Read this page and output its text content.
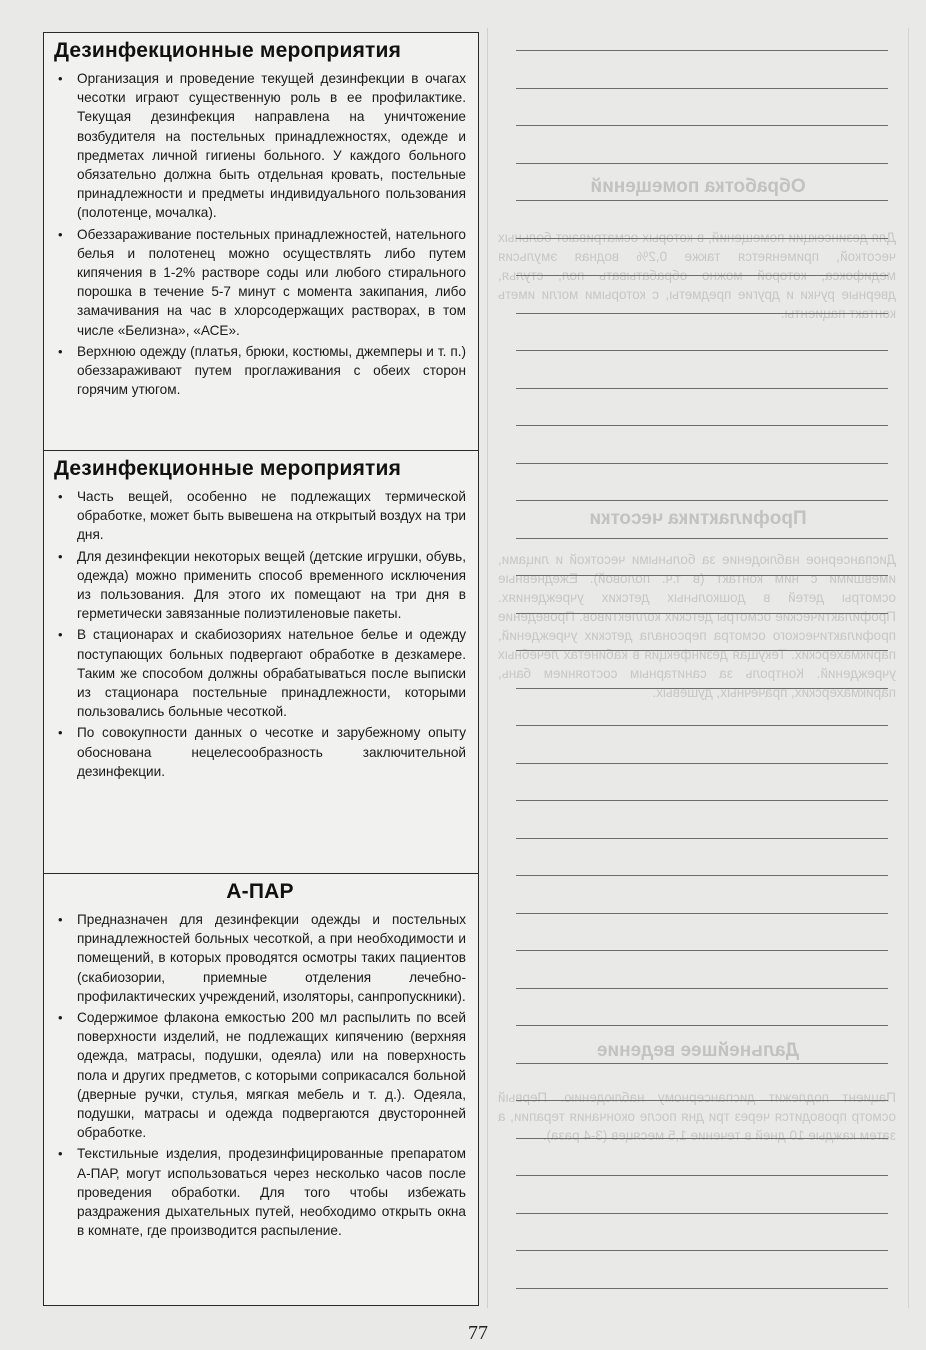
Обработка помещений
Для дезинсекции помещений, в которых осматривают больных чесоткой, применяется также 0,2% водная эмульсия медифокса, которой можно обрабатывать пол, стулья, дверные ручки и другие предметы, с которыми могли иметь контакт пациенты.
Профилактика чесотки
Диспансерное наблюдение за больными чесоткой и лицами, имевшими с ним контакт (в т.ч. половой). Ежедневные осмотры детей в дошкольных детских учреждениях. Профилактические осмотры детских коллективов. Проведение профилактического осмотра персонала детских учреждений, парикмахерских. Текущая дезинфекция в кабинетах лечебных учреждений. Контроль за санитарным состоянием бань, парикмахерских, прачечных, душевых.
Дальнейшее ведение
Пациент подлежит диспансерному наблюдению. Первый осмотр проводится через три дня после окончания терапии, а затем каждые 10 дней в течение 1,5 месяцев (3-4 раза).
Дезинфекционные мероприятия
• Организация и проведение текущей дезинфекции в очагах чесотки играют существенную роль в ее профилактике. Текущая дезинфекция направлена на уничтожение возбудителя на постельных принадлежностях, одежде и предметах личной гигиены больного. У каждого больного обязательно должна быть отдельная кровать, постельные принадлежности и предметы индивидуального пользования (полотенце, мочалка).
• Обеззараживание постельных принадлежностей, нательного белья и полотенец можно осуществлять либо путем кипячения в 1-2% растворе соды или любого стирального порошка в течение 5-7 минут с момента закипания, либо замачивания на час в хлорсодержащих растворах, в том числе «Белизна», «АСЕ».
• Верхнюю одежду (платья, брюки, костюмы, джемперы и т. п.) обеззараживают путем проглаживания с обеих сторон горячим утюгом.
Дезинфекционные мероприятия
• Часть вещей, особенно не подлежащих термической обработке, может быть вывешена на открытый воздух на три дня.
• Для дезинфекции некоторых вещей (детские игрушки, обувь, одежда) можно применить способ временного исключения из пользования. Для этого их помещают на три дня в герметически завязанные полиэтиленовые пакеты.
• В стационарах и скабиозориях нательное белье и одежду поступающих больных подвергают обработке в дезкамере. Таким же способом должны обрабатываться после выписки из стационара постельные принадлежности, которыми пользовались больные чесоткой.
• По совокупности данных о чесотке и зарубежному опыту обоснована нецелесообразность заключительной дезинфекции.
А-ПАР
• Предназначен для дезинфекции одежды и постельных принадлежностей больных чесоткой, а при необходимости и помещений, в которых проводятся осмотры таких пациентов (скабиозории, приемные отделения лечебно-профилактических учреждений, изоляторы, санпропускники).
• Содержимое флакона емкостью 200 мл распылить по всей поверхности изделий, не подлежащих кипячению (верхняя одежда, матрасы, подушки, одеяла) или на поверхность пола и других предметов, с которыми соприкасался больной (дверные ручки, стулья, мягкая мебель и т. д.). Одеяла, подушки, матрасы и одежда подвергаются двусторонней обработке.
• Текстильные изделия, продезинфицированные препаратом А-ПАР, могут использоваться через несколько часов после проведения обработки. Для того чтобы избежать раздражения дыхательных путей, необходимо открыть окна в комнате, где производится распыление.
77
